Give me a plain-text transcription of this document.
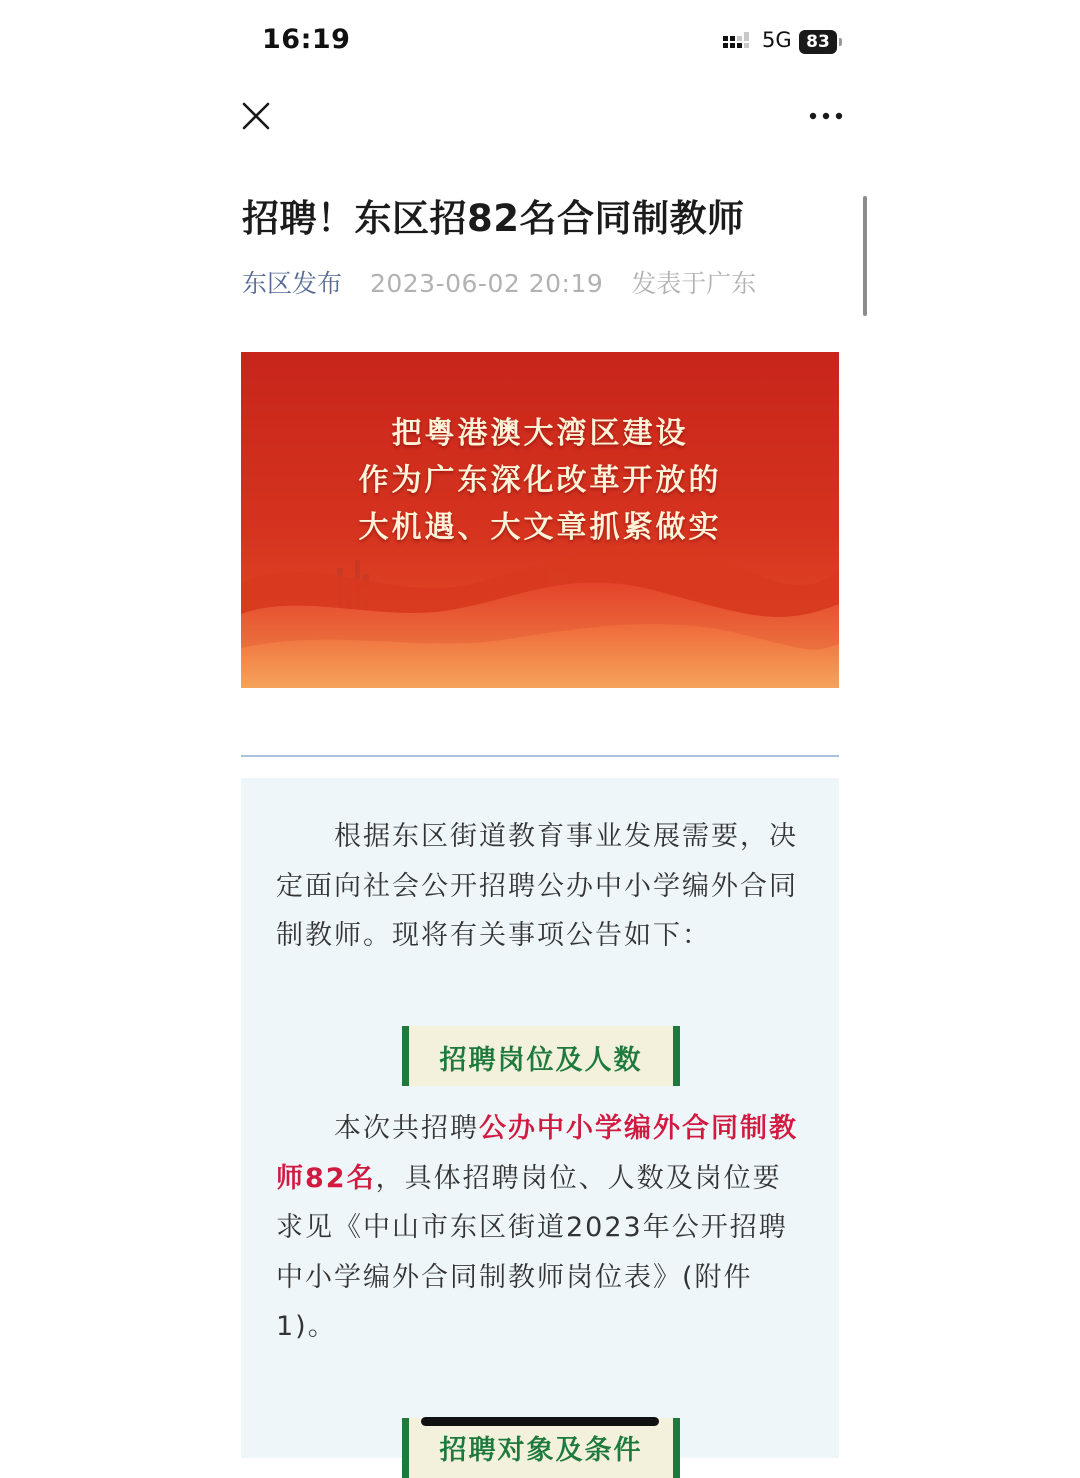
16:19	5G 83
招聘！东区招82名合同制教师
东区发布 2023-06-02 20:19 发表于广东
把粤港澳大湾区建设
作为广东深化改革开放的
大机遇、大文章抓紧做实

根据东区街道教育事业发展需要，决定面向社会公开招聘公办中小学编外合同制教师。现将有关事项公告如下：

招聘岗位及人数

本次共招聘公办中小学编外合同制教师82名，具体招聘岗位、人数及岗位要求见《中山市东区街道2023年公开招聘中小学编外合同制教师岗位表》(附件1)。

招聘对象及条件
